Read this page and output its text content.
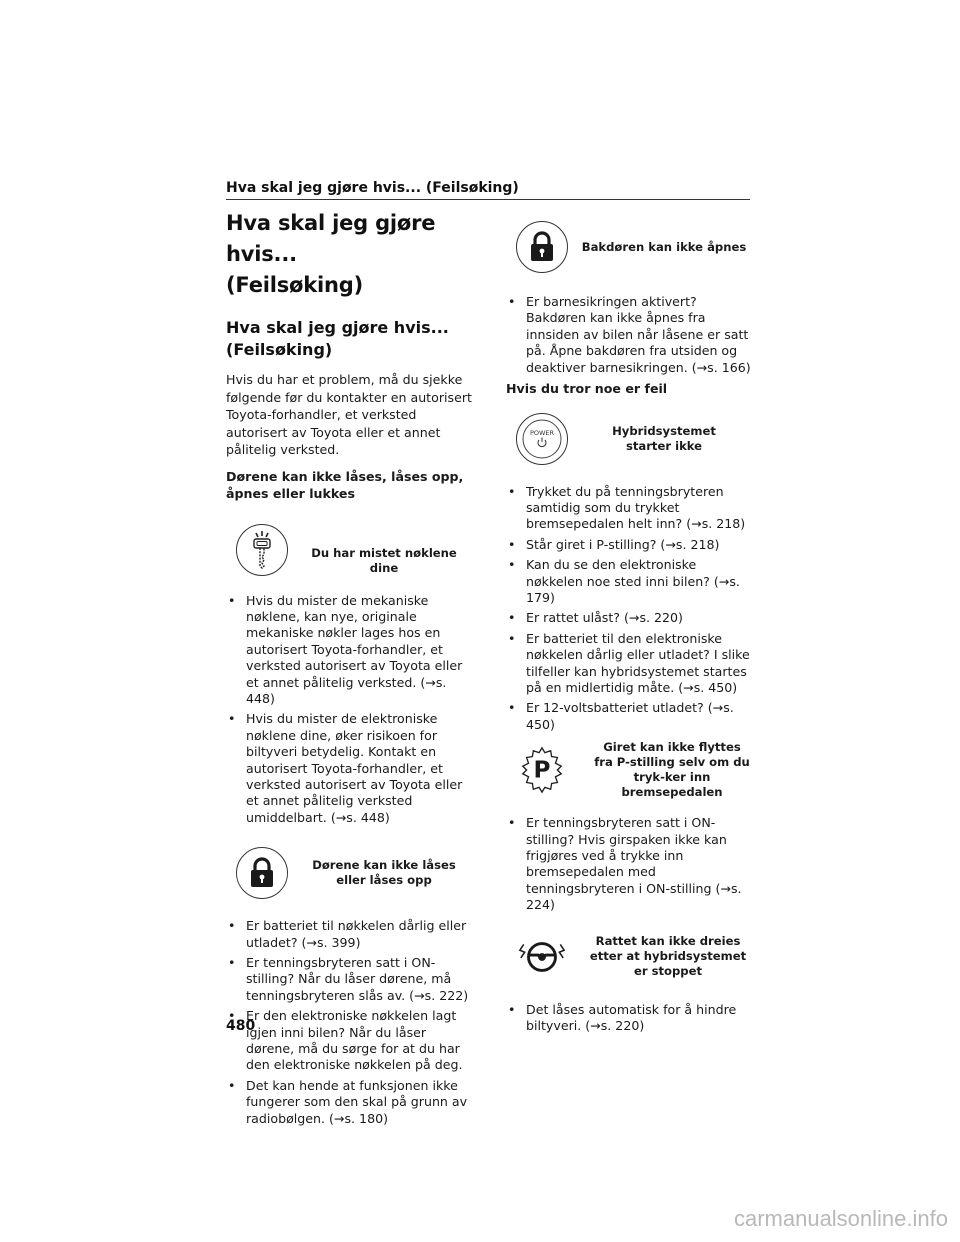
Hva skal jeg gjøre hvis... (Feilsøking)
Hva skal jeg gjøre hvis...
(Feilsøking)
Hva skal jeg gjøre hvis...
(Feilsøking)

Hvis du har et problem, må du sjekke følgende før du kontakter en autorisert Toyota-forhandler, et verksted autorisert av Toyota eller et annet pålitelig verksted.

Dørene kan ikke låses, låses opp, åpnes eller lukkes

Du har mistet nøklene dine
• Hvis du mister de mekaniske nøklene, kan nye, originale mekaniske nøkler lages hos en autorisert Toyota-forhandler, et verksted autorisert av Toyota eller et annet pålitelig verksted. (→s. 448)
• Hvis du mister de elektroniske nøklene dine, øker risikoen for biltyveri betydelig. Kontakt en autorisert Toyota-forhandler, et verksted autorisert av Toyota eller et annet pålitelig verksted umiddelbart. (→s. 448)
Dørene kan ikke låses eller låses opp
• Er batteriet til nøkkelen dårlig eller utladet? (→s. 399)
• Er tenningsbryteren satt i ON-stilling? Når du låser dørene, må tenningsbryteren slås av. (→s. 222)
• Er den elektroniske nøkkelen lagt igjen inni bilen? Når du låser dørene, må du sørge for at du har den elektroniske nøkkelen på deg.
• Det kan hende at funksjonen ikke fungerer som den skal på grunn av radiobølgen. (→s. 180)
Bakdøren kan ikke åpnes
• Er barnesikringen aktivert? Bakdøren kan ikke åpnes fra innsiden av bilen når låsene er satt på. Åpne bakdøren fra utsiden og deaktiver barnesikringen. (→s. 166)

Hvis du tror noe er feil

POWER	Hybridsystemet starter ikke
• Trykket du på tenningsbryteren samtidig som du trykket bremsepedalen helt inn? (→s. 218)
• Står giret i P-stilling? (→s. 218)
• Kan du se den elektroniske nøkkelen noe sted inni bilen? (→s. 179)
• Er rattet ulåst? (→s. 220)
• Er batteriet til den elektroniske nøkkelen dårlig eller utladet? I slike tilfeller kan hybridsystemet startes på en midlertidig måte. (→s. 450)
• Er 12-voltsbatteriet utladet? (→s. 450)
P
Giret kan ikke flyttes fra P-stilling selv om du tryk-ker inn bremsepedalen
• Er tenningsbryteren satt i ON-stilling? Hvis girspaken ikke kan frigjøres ved å trykke inn bremsepedalen med tenningsbryteren i ON-stilling (→s. 224)
Rattet kan ikke dreies etter at hybridsystemet er stoppet
• Det låses automatisk for å hindre biltyveri. (→s. 220)
480
carmanualsonline.info
